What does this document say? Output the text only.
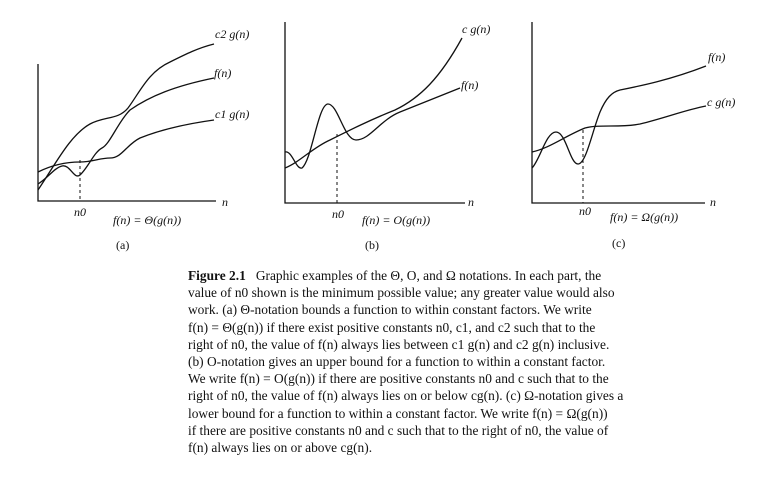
c2 g(n)
f(n)
c1 g(n)
n
n0
f(n) = Θ(g(n))
(a)
c g(n)
f(n)
n
n0 f(n) = O(g(n))
(b)
f(n)
c g(n)
n
n0 f(n) = Ω(g(n))
(c)
Figure 2.1 Graphic examples of the Θ, O, and Ω notations. In each part, the
value of n0 shown is the minimum possible value; any greater value would also
work. (a) Θ-notation bounds a function to within constant factors. We write
f(n) = Θ(g(n)) if there exist positive constants n0, c1, and c2 such that to the
right of n0, the value of f(n) always lies between c1 g(n) and c2 g(n) inclusive.
(b) O-notation gives an upper bound for a function to within a constant factor.
We write f(n) = O(g(n)) if there are positive constants n0 and c such that to the
right of n0, the value of f(n) always lies on or below cg(n). (c) Ω-notation gives a
lower bound for a function to within a constant factor. We write f(n) = Ω(g(n))
if there are positive constants n0 and c such that to the right of n0, the value of
f(n) always lies on or above cg(n).
